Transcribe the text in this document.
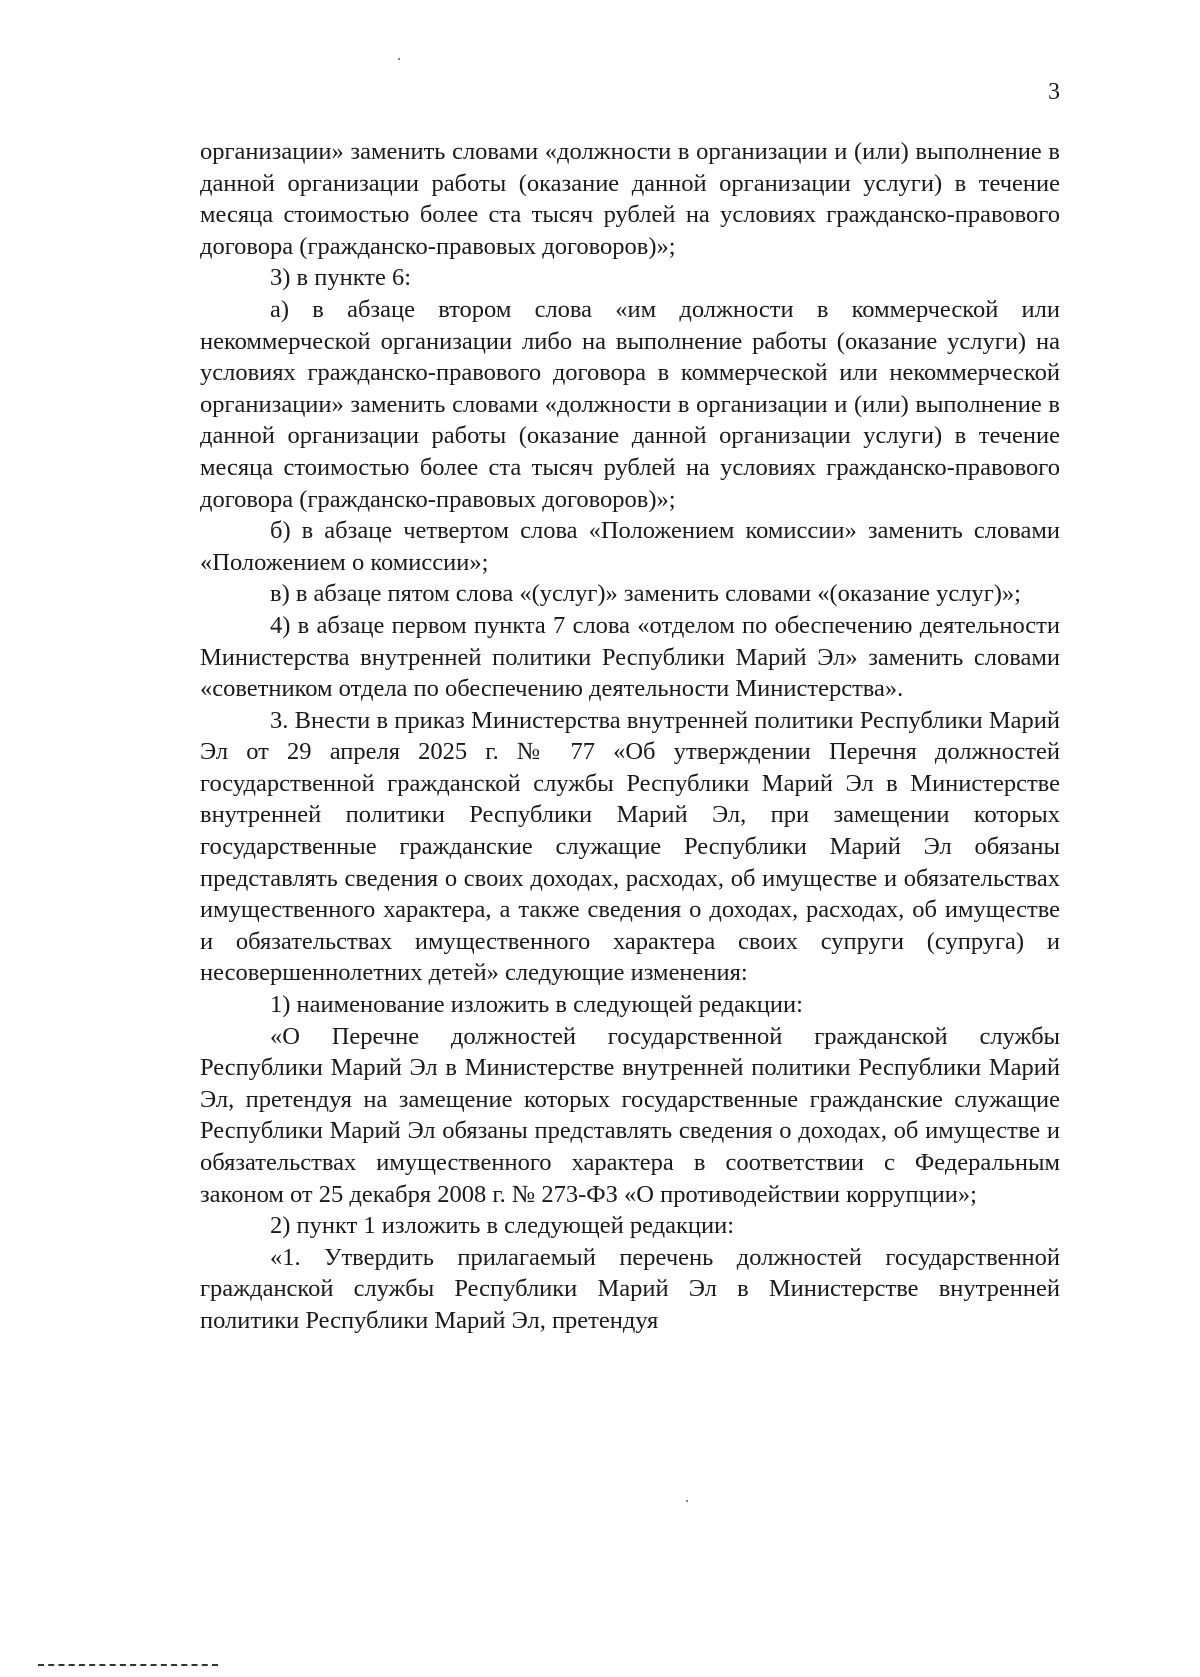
3

организации» заменить словами «должности в организации и (или) выполнение в данной организации работы (оказание данной организации услуги) в течение месяца стоимостью более ста тысяч рублей на условиях гражданско-правового договора (гражданско-правовых договоров)»;

3) в пункте 6:

а) в абзаце втором слова «им должности в коммерческой или некоммерческой организации либо на выполнение работы (оказание услуги) на условиях гражданско-правового договора в коммерческой или некоммерческой организации» заменить словами «должности в организации и (или) выполнение в данной организации работы (оказание данной организации услуги) в течение месяца стоимостью более ста тысяч рублей на условиях гражданско-правового договора (гражданско-правовых договоров)»;

б) в абзаце четвертом слова «Положением комиссии» заменить словами «Положением о комиссии»;

в) в абзаце пятом слова «(услуг)» заменить словами «(оказание услуг)»;

4) в абзаце первом пункта 7 слова «отделом по обеспечению деятельности Министерства внутренней политики Республики Марий Эл» заменить словами «советником отдела по обеспечению деятельности Министерства».

3. Внести в приказ Министерства внутренней политики Республики Марий Эл от 29 апреля 2025 г. № 77 «Об утверждении Перечня должностей государственной гражданской службы Республики Марий Эл в Министерстве внутренней политики Республики Марий Эл, при замещении которых государственные гражданские служащие Республики Марий Эл обязаны представлять сведения о своих доходах, расходах, об имуществе и обязательствах имущественного характера, а также сведения о доходах, расходах, об имуществе и обязательствах имущественного характера своих супруги (супруга) и несовершеннолетних детей» следующие изменения:

1) наименование изложить в следующей редакции:

«О Перечне должностей государственной гражданской службы Республики Марий Эл в Министерстве внутренней политики Республики Марий Эл, претендуя на замещение которых государственные гражданские служащие Республики Марий Эл обязаны представлять сведения о доходах, об имуществе и обязательствах имущественного характера в соответствии с Федеральным законом от 25 декабря 2008 г. № 273-ФЗ «О противодействии коррупции»;

2) пункт 1 изложить в следующей редакции:

«1. Утвердить прилагаемый перечень должностей государственной гражданской службы Республики Марий Эл в Министерстве внутренней политики Республики Марий Эл, претендуя
